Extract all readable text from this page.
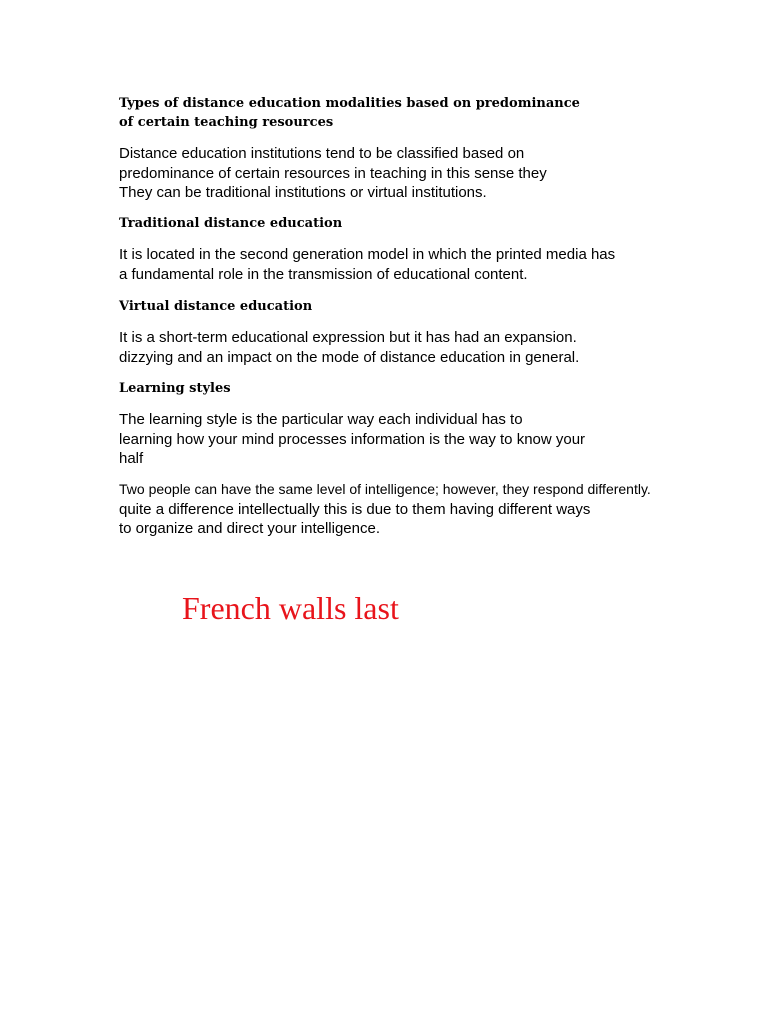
Types of distance education modalities based on predominance
of certain teaching resources
Distance education institutions tend to be classified based on
predominance of certain resources in teaching in this sense they
They can be traditional institutions or virtual institutions.
Traditional distance education
It is located in the second generation model in which the printed media has
a fundamental role in the transmission of educational content.
Virtual distance education
It is a short-term educational expression but it has had an expansion.
dizzying and an impact on the mode of distance education in general.
Learning styles
The learning style is the particular way each individual has to
learning how your mind processes information is the way to know your
half
Two people can have the same level of intelligence; however, they respond differently.
quite a difference intellectually this is due to them having different ways
to organize and direct your intelligence.
French walls last
